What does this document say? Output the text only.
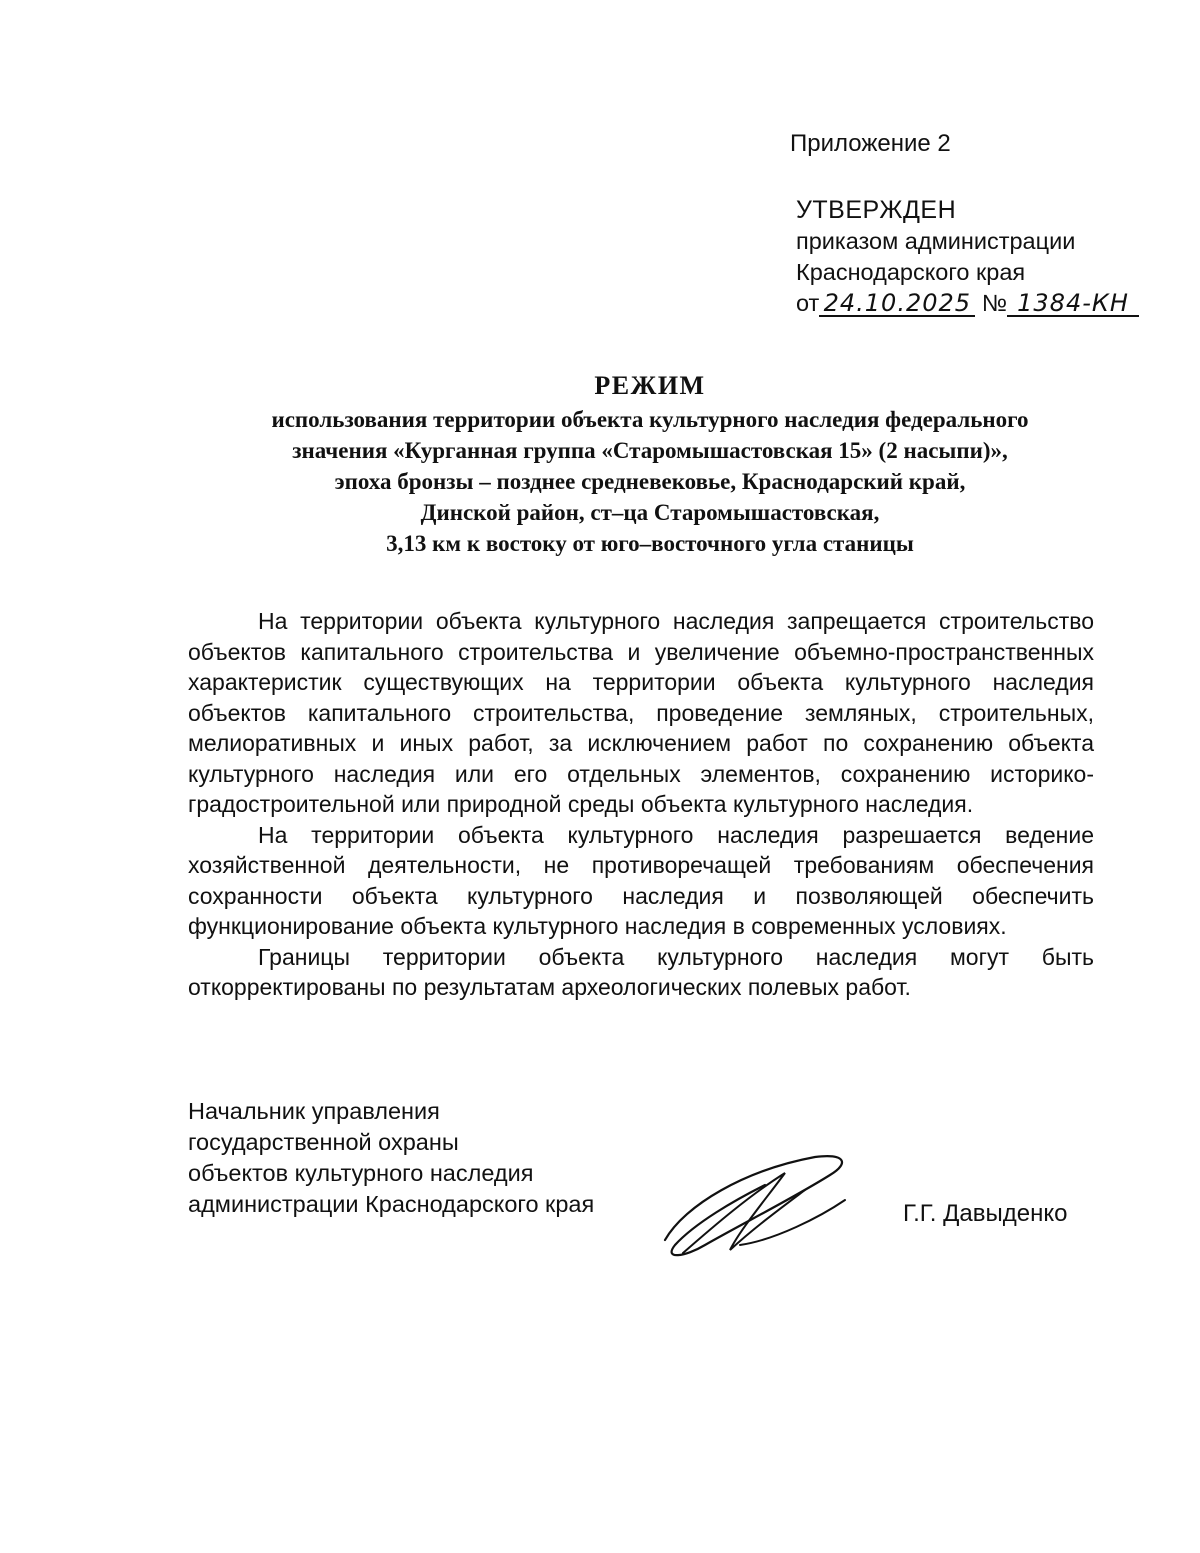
Приложение 2
УТВЕРЖДЕН
приказом администрации
Краснодарского края
от 24.10.2025 № 1384-КН
РЕЖИМ
использования территории объекта культурного наследия федерального
значения «Курганная группа «Старомышастовская 15» (2 насыпи)»,
эпоха бронзы – позднее средневековье, Краснодарский край,
Динской район, ст–ца Старомышастовская,
3,13 км к востоку от юго–восточного угла станицы

На территории объекта культурного наследия запрещается строительство объектов капитального строительства и увеличение объемно-пространственных характеристик существующих на территории объекта культурного наследия объектов капитального строительства, проведение земляных, строительных, мелиоративных и иных работ, за исключением работ по сохранению объекта культурного наследия или его отдельных элементов, сохранению историко-градостроительной или природной среды объекта культурного наследия.

На территории объекта культурного наследия разрешается ведение хозяйственной деятельности, не противоречащей требованиям обеспечения сохранности объекта культурного наследия и позволяющей обеспечить функционирование объекта культурного наследия в современных условиях.

Границы территории объекта культурного наследия могут быть откорректированы по результатам археологических полевых работ.

Начальник управления
государственной охраны
объектов культурного наследия
администрации Краснодарского края	Г.Г. Давыденко
